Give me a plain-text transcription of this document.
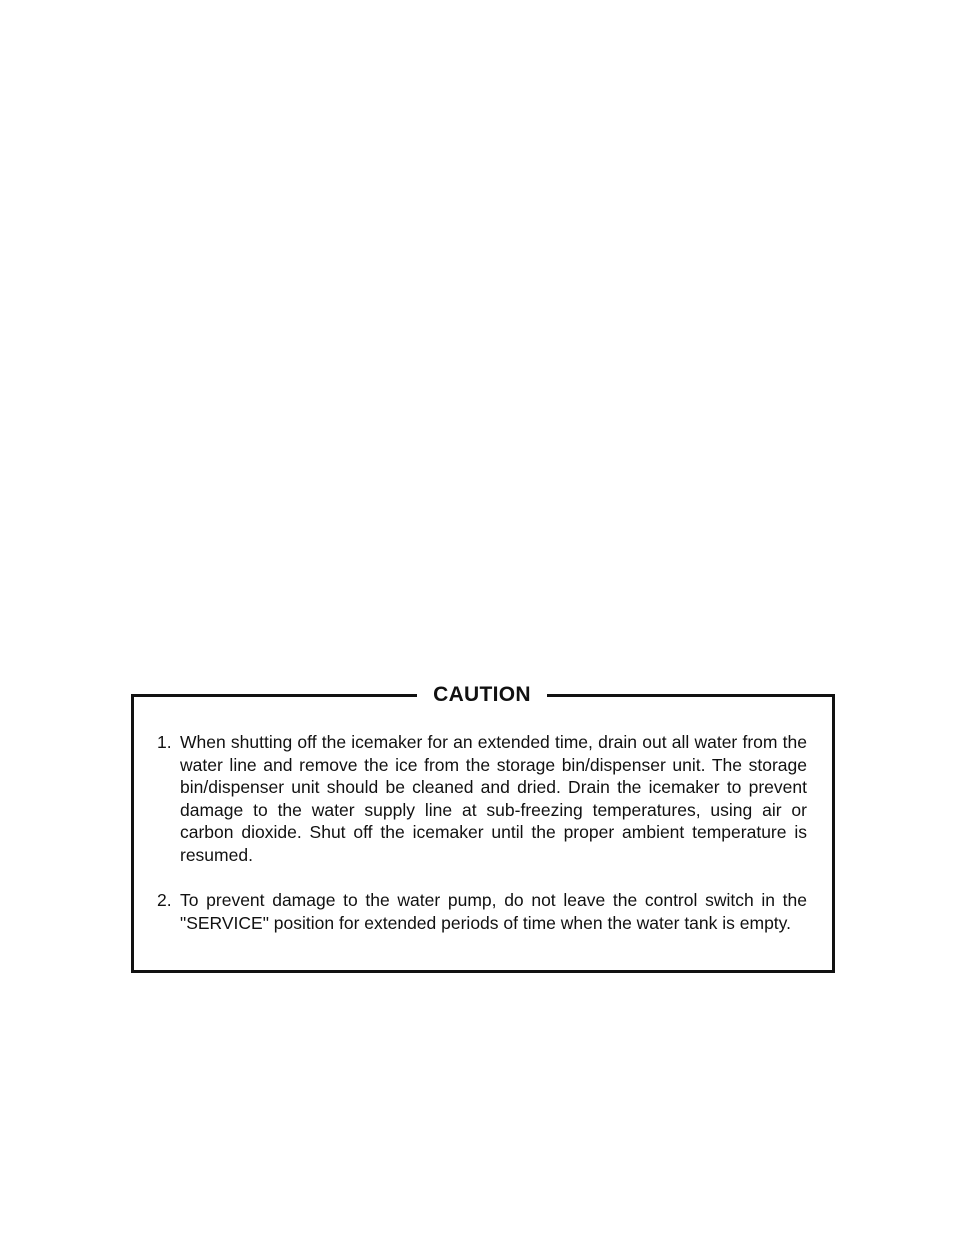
CAUTION
1. When shutting off the icemaker for an extended time, drain out all water from the water line and remove the ice from the storage bin/dispenser unit. The storage bin/dispenser unit should be cleaned and dried. Drain the icemaker to prevent damage to the water supply line at sub-freezing temperatures, using air or carbon dioxide. Shut off the icemaker until the proper ambient temperature is resumed.
2. To prevent damage to the water pump, do not leave the control switch in the "SERVICE" position for extended periods of time when the water tank is empty.
